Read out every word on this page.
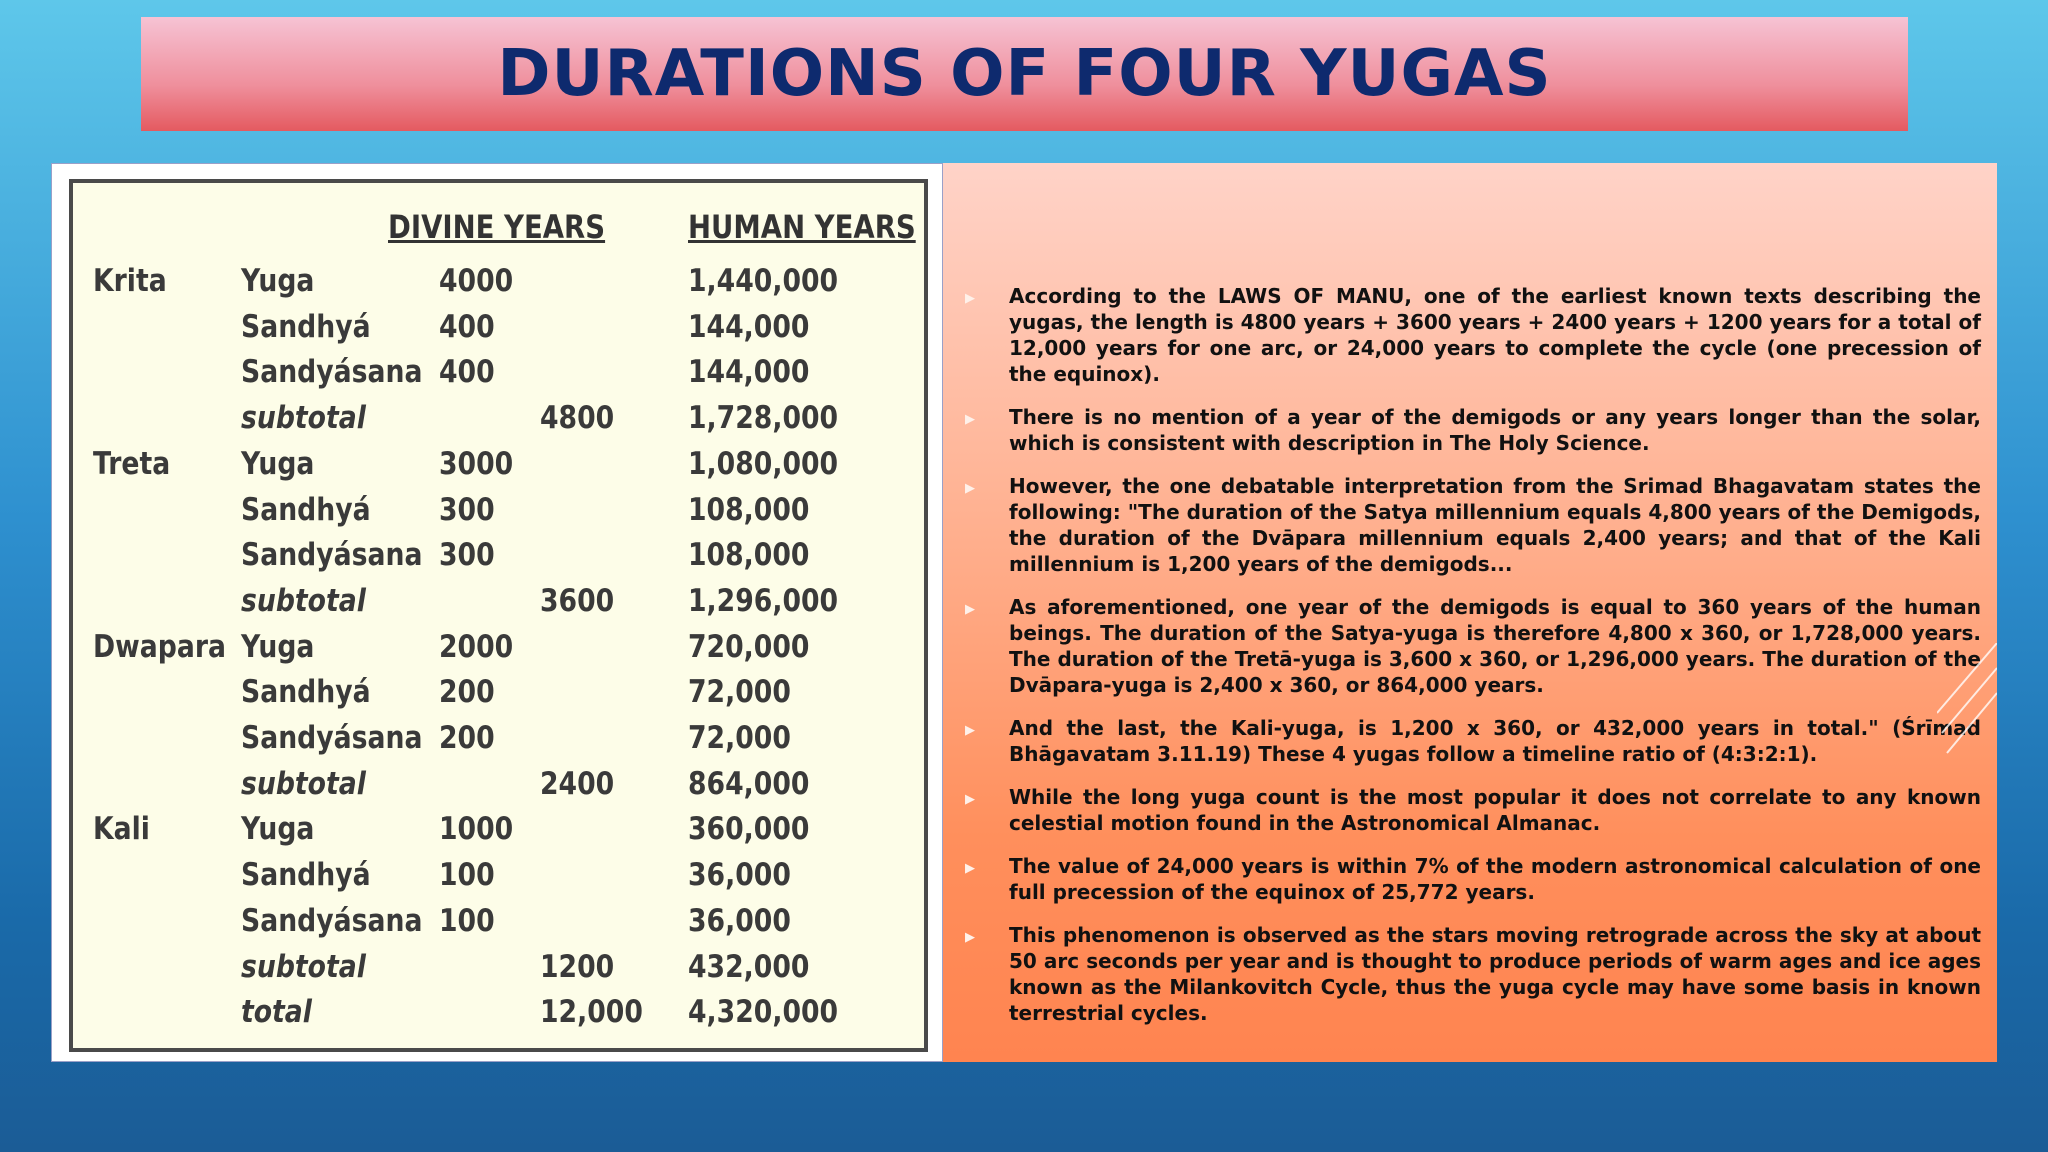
DURATIONS OF FOUR YUGAS
DIVINE YEARS	HUMAN YEARS
Krita Yuga	4000	1,440,000
Sandhyá 400	144,000
Sandyásana 400	144,000
subtotal	4800 1,728,000
Treta Yuga	3000	1,080,000
Sandhyá 300	108,000
Sandyásana 300	108,000
subtotal	3600 1,296,000
Dwapara Yuga	2000	720,000
Sandhyá 200	72,000
Sandyásana 200	72,000
subtotal	2400 864,000
Kali	Yuga	1000	360,000
Sandhyá 100	36,000
Sandyásana 100	36,000
subtotal	1200 432,000
total	12,000 4,320,000
▶ According to the LAWS OF MANU, one of the earliest known texts describing the yugas, the length is 4800 years + 3600 years + 2400 years + 1200 years for a total of 12,000 years for one arc, or 24,000 years to complete the cycle (one precession of the equinox).
▶ There is no mention of a year of the demigods or any years longer than the solar, which is consistent with description in The Holy Science.
▶ However, the one debatable interpretation from the Srimad Bhagavatam states the following: "The duration of the Satya millennium equals 4,800 years of the Demigods, the duration of the Dvāpara millennium equals 2,400 years; and that of the Kali millennium is 1,200 years of the demigods...
▶ As aforementioned, one year of the demigods is equal to 360 years of the human beings. The duration of the Satya-yuga is therefore 4,800 x 360, or 1,728,000 years. The duration of the Tretā-yuga is 3,600 x 360, or 1,296,000 years. The duration of the Dvāpara-yuga is 2,400 x 360, or 864,000 years.
▶ And the last, the Kali-yuga, is 1,200 x 360, or 432,000 years in total." (Śrīmad Bhāgavatam 3.11.19) These 4 yugas follow a timeline ratio of (4:3:2:1).
▶ While the long yuga count is the most popular it does not correlate to any known celestial motion found in the Astronomical Almanac.
▶ The value of 24,000 years is within 7% of the modern astronomical calculation of one full precession of the equinox of 25,772 years.
▶ This phenomenon is observed as the stars moving retrograde across the sky at about 50 arc seconds per year and is thought to produce periods of warm ages and ice ages known as the Milankovitch Cycle, thus the yuga cycle may have some basis in known terrestrial cycles.
